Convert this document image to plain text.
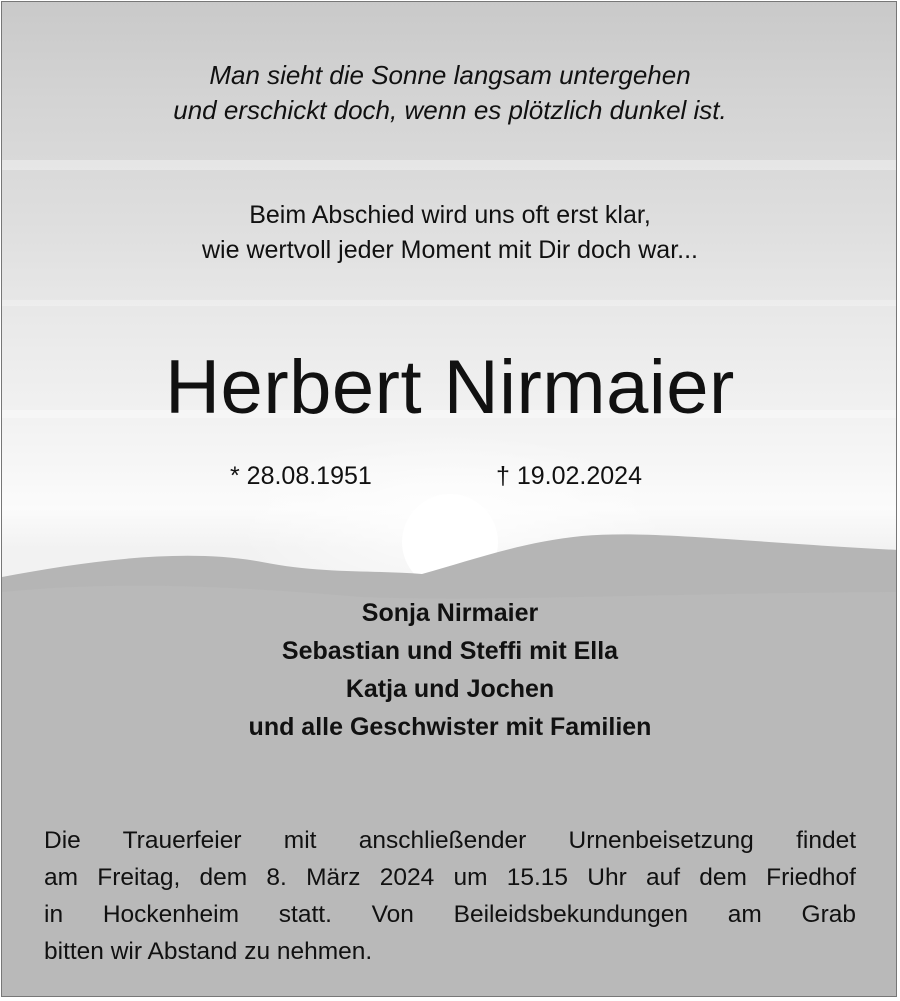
Man sieht die Sonne langsam untergehen
und erschickt doch, wenn es plötzlich dunkel ist.
Beim Abschied wird uns oft erst klar,
wie wertvoll jeder Moment mit Dir doch war...
Herbert Nirmaier
* 28.08.1951	† 19.02.2024
Sonja Nirmaier
Sebastian und Steffi mit Ella
Katja und Jochen
und alle Geschwister mit Familien
Die Trauerfeier mit anschließender Urnenbeisetzung findet
am Freitag, dem 8. März 2024 um 15.15 Uhr auf dem Friedhof
in Hockenheim statt. Von Beileidsbekundungen am Grab
bitten wir Abstand zu nehmen.
